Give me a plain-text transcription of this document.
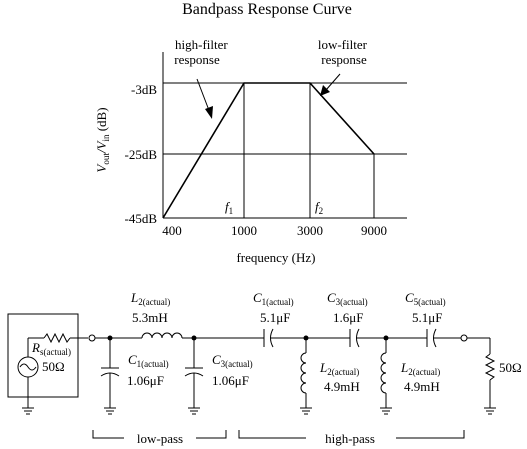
Bandpass Response Curve
-3dB
-25dB
-45dB
400	1000	3000	9000
frequency (Hz)
$V_{out}/V_{in}$ (dB)
$f_1$	$f_2$
high-filter response
low-filter response
$R_{s(actual)}$
50Ω
$L_{2(actual)}$
5.3mH
$C_{1(actual)}$
1.06μF
$C_{3(actual)}$
1.06μF
$C_{1(actual)}$
5.1μF
$C_{3(actual)}$
1.6μF
$C_{5(actual)}$
5.1μF
$L_{2(actual)}$
4.9mH
$L_{2(actual)}$
4.9mH
50Ω
low-pass	high-pass
